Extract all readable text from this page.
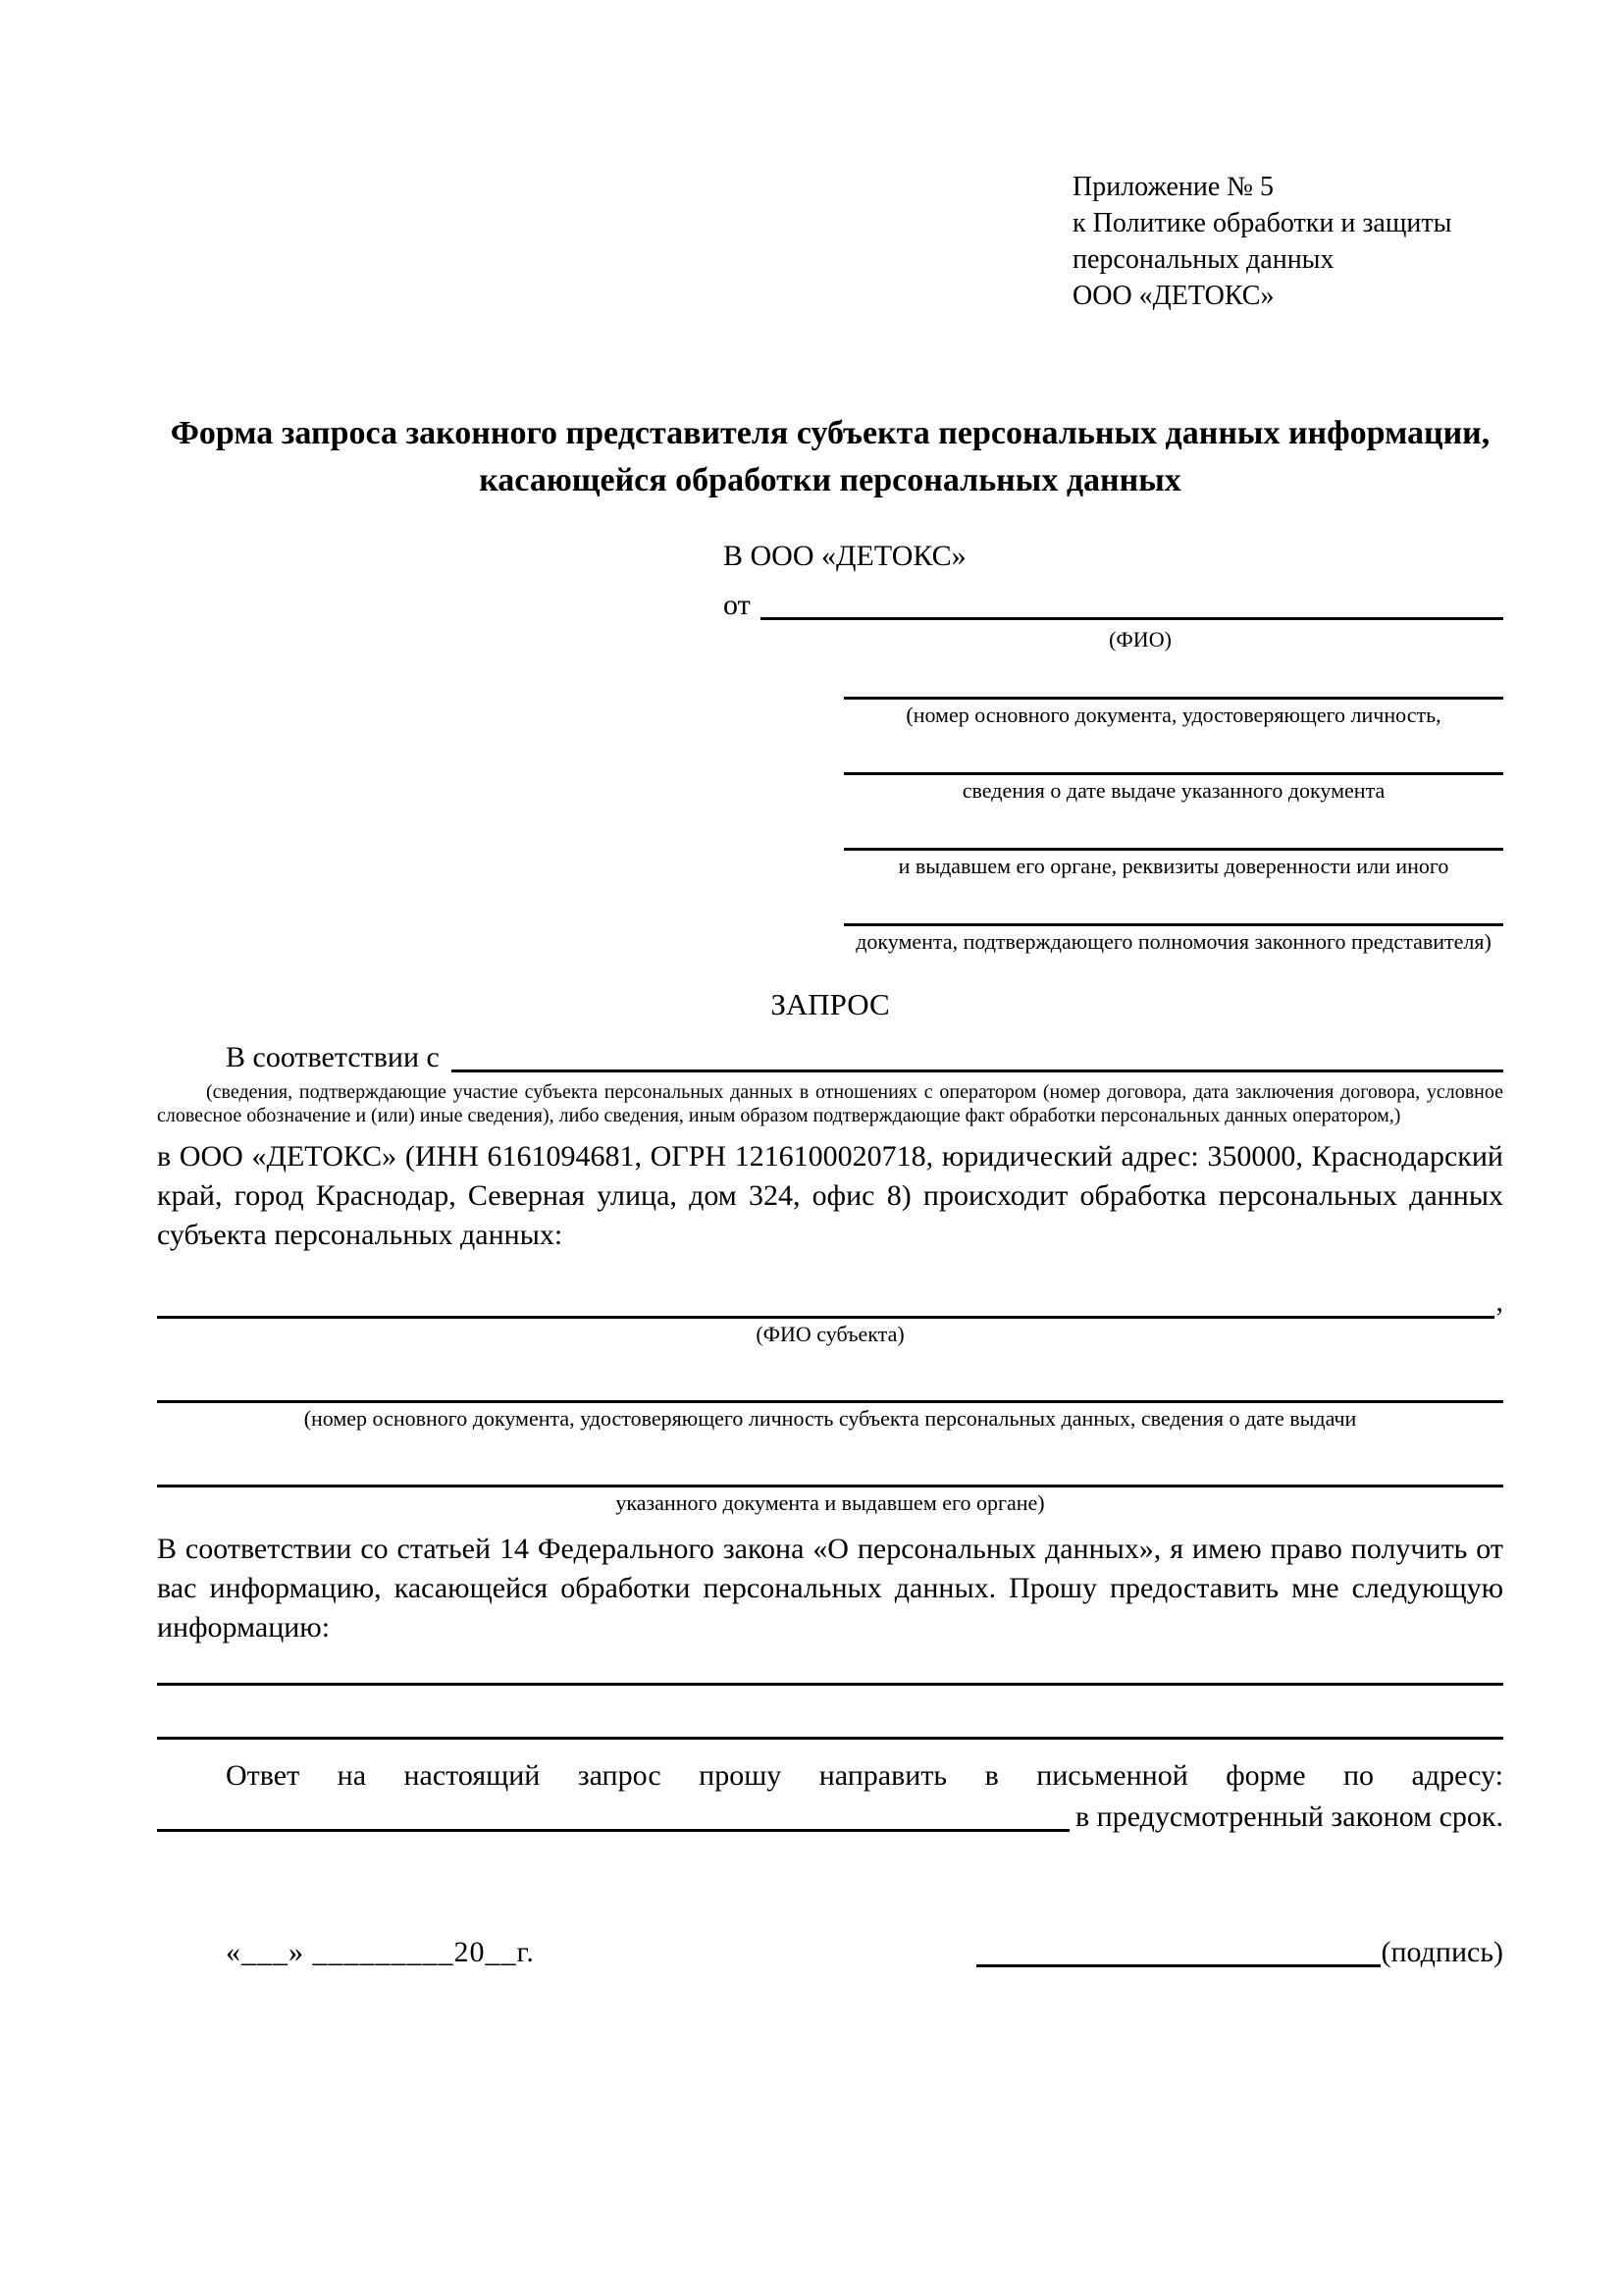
Приложение № 5
к Политике обработки и защиты
персональных данных
ООО «ДЕТОКС»
Форма запроса законного представителя субъекта персональных данных информации, касающейся обработки персональных данных
В ООО «ДЕТОКС»
от
(ФИО)
(номер основного документа, удостоверяющего личность,
сведения о дате выдаче указанного документа
и выдавшем его органе, реквизиты доверенности или иного
документа, подтверждающего полномочия законного представителя)
ЗАПРОС
В соответствии с
(сведения, подтверждающие участие субъекта персональных данных в отношениях с оператором (номер договора, дата заключения договора, условное словесное обозначение и (или) иные сведения), либо сведения, иным образом подтверждающие факт обработки персональных данных оператором,)
в ООО «ДЕТОКС» (ИНН 6161094681, ОГРН 1216100020718, юридический адрес: 350000, Краснодарский край, город Краснодар, Северная улица, дом 324, офис 8) происходит обработка персональных данных субъекта персональных данных:
,
(ФИО субъекта)
(номер основного документа, удостоверяющего личность субъекта персональных данных, сведения о дате выдачи
указанного документа и выдавшем его органе)
В соответствии со статьей 14 Федерального закона «О персональных данных», я имею право получить от вас информацию, касающейся обработки персональных данных. Прошу предоставить мне следующую информацию:
Ответ на настоящий запрос прошу направить в письменной форме по адресу:
в предусмотренный законом срок.
«___» _________20__г.	(подпись)
